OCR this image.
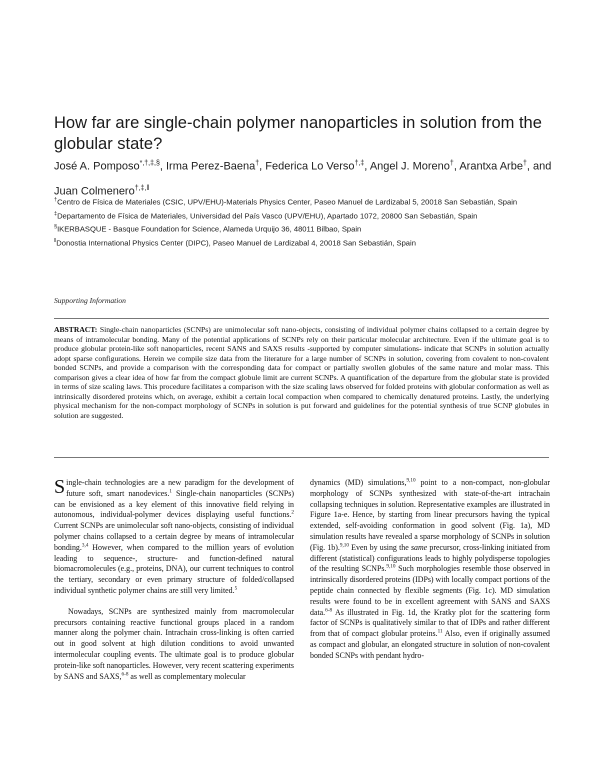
How far are single-chain polymer nanoparticles in solution from the globular state?
José A. Pomposo*,†,‡,§, Irma Perez-Baena†, Federica Lo Verso†,‡, Angel J. Moreno†, Arantxa Arbe†, and Juan Colmenero†,‡,‖
†Centro de Física de Materiales (CSIC, UPV/EHU)-Materials Physics Center, Paseo Manuel de Lardizabal 5, 20018 San Sebastián, Spain
‡Departamento de Física de Materiales, Universidad del País Vasco (UPV/EHU), Apartado 1072, 20800 San Sebastián, Spain
§IKERBASQUE - Basque Foundation for Science, Alameda Urquijo 36, 48011 Bilbao, Spain
‖Donostia International Physics Center (DIPC), Paseo Manuel de Lardizabal 4, 20018 San Sebastián, Spain
Supporting Information

ABSTRACT: Single-chain nanoparticles (SCNPs) are unimolecular soft nano-objects, consisting of individual polymer chains collapsed to a certain degree by means of intramolecular bonding. Many of the potential applications of SCNPs rely on their particular molecular architecture. Even if the ultimate goal is to produce globular protein-like soft nanoparticles, recent SANS and SAXS results -supported by computer simulations- indicate that SCNPs in solution actually adopt sparse configurations. Herein we compile size data from the literature for a large number of SCNPs in solution, covering from covalent to non-covalent bonded SCNPs, and provide a comparison with the corresponding data for compact or partially swollen globules of the same nature and molar mass. This comparison gives a clear idea of how far from the compact globule limit are current SCNPs. A quantification of the departure from the globular state is provided in terms of size scaling laws. This procedure facilitates a comparison with the size scaling laws observed for folded proteins with globular conformation as well as intrinsically disordered proteins which, on average, exhibit a certain local compaction when compared to chemically denatured proteins. Lastly, the underlying physical mechanism for the non-compact morphology of SCNPs in solution is put forward and guidelines for the potential synthesis of true SCNP globules in solution are suggested.

Single-chain technologies are a new paradigm for the development of future soft, smart nanodevices.$^1$ Single-chain nanoparticles (SCNPs) can be envisioned as a key element of this innovative field relying in autonomous, individual-polymer devices displaying useful functions.$^2$ Current SCNPs are unimolecular soft nano-objects, consisting of individual polymer chains collapsed to a certain degree by means of intramolecular bonding.$^{3,4}$ However, when compared to the million years of evolution leading to sequence-, structure- and function-defined natural biomacromolecules (e.g., proteins, DNA), our current techniques to control the tertiary, secondary or even primary structure of folded/collapsed individual synthetic polymer chains are still very limited.$^5$

Nowadays, SCNPs are synthesized mainly from macromolecular precursors containing reactive functional groups placed in a random manner along the polymer chain. Intrachain cross-linking is often carried out in good solvent at high dilution conditions to avoid unwanted intermolecular coupling events. The ultimate goal is to produce globular protein-like soft nanoparticles. However, very recent scattering experiments by SANS and SAXS,$^{6-8}$ as well as complementary molecular

dynamics (MD) simulations,$^{9,10}$ point to a non-compact, non-globular morphology of SCNPs synthesized with state-of-the-art intrachain collapsing techniques in solution. Representative examples are illustrated in Figure 1a-e. Hence, by starting from linear precursors having the typical extended, self-avoiding conformation in good solvent (Fig. 1a), MD simulation results have revealed a sparse morphology of SCNPs in solution (Fig. 1b).$^{9,10}$ Even by using the same precursor, cross-linking initiated from different (statistical) configurations leads to highly polydisperse topologies of the resulting SCNPs.$^{9,10}$ Such morphologies resemble those observed in intrinsically disordered proteins (IDPs) with locally compact portions of the peptide chain connected by flexible segments (Fig. 1c). MD simulation results were found to be in excellent agreement with SANS and SAXS data.$^{6-8}$ As illustrated in Fig. 1d, the Kratky plot for the scattering form factor of SCNPs is qualitatively similar to that of IDPs and rather different from that of compact globular proteins.$^{11}$ Also, even if originally assumed as compact and globular, an elongated structure in solution of non-covalent bonded SCNPs with pendant hydro-
